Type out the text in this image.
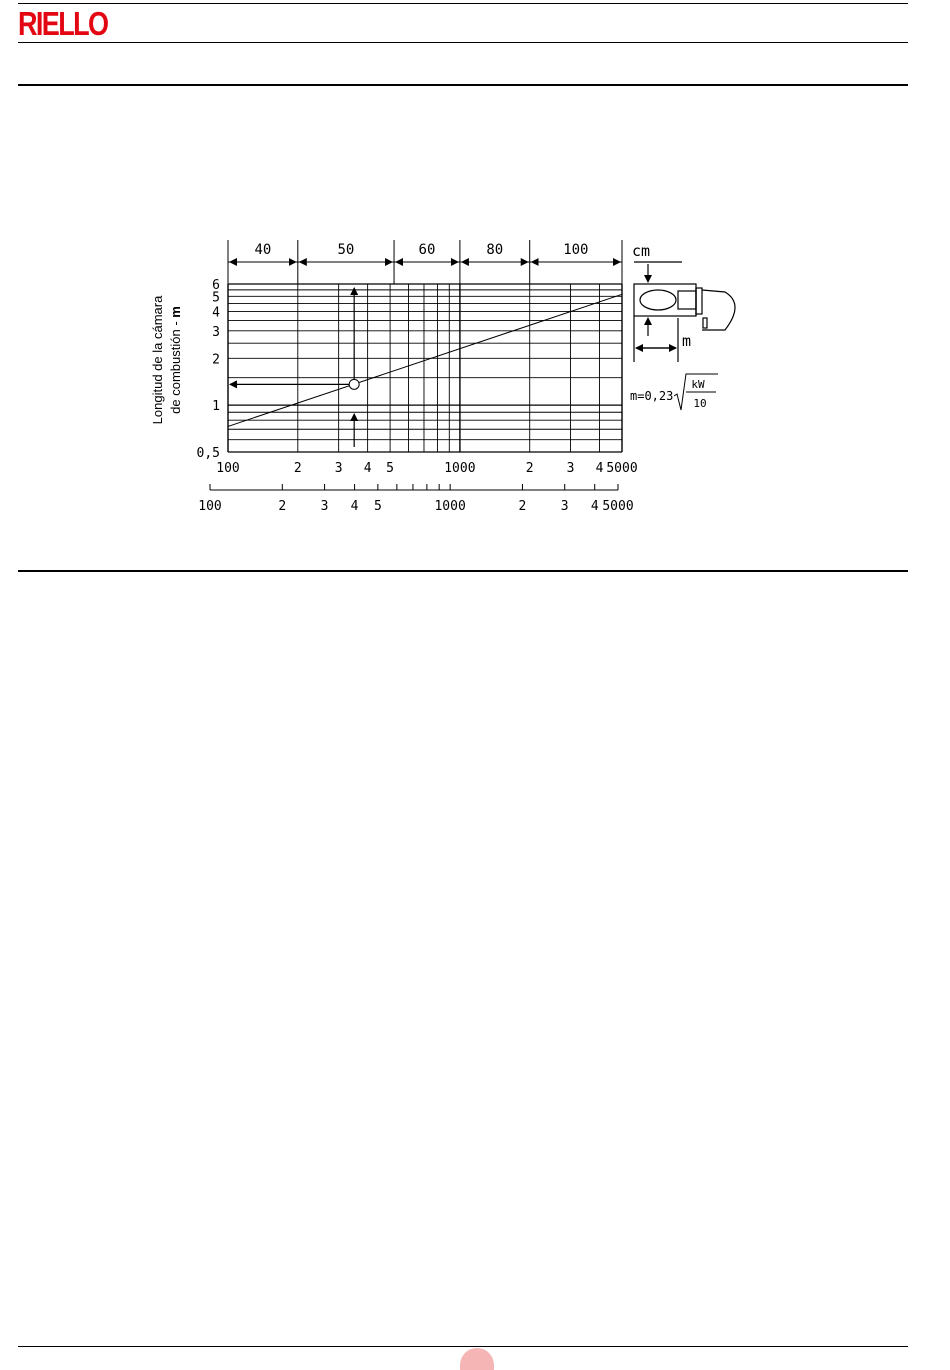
RIELLO
6
5
4
3
2
1
0,5
100	2	3 4 5	1000	2	3 4 5000
100	2	3 4 5	1000	2	3 4 5000
40	50	60	80	100
Longitud de la cámara de combustión - m
cm
m
m=0,23
kW
10
